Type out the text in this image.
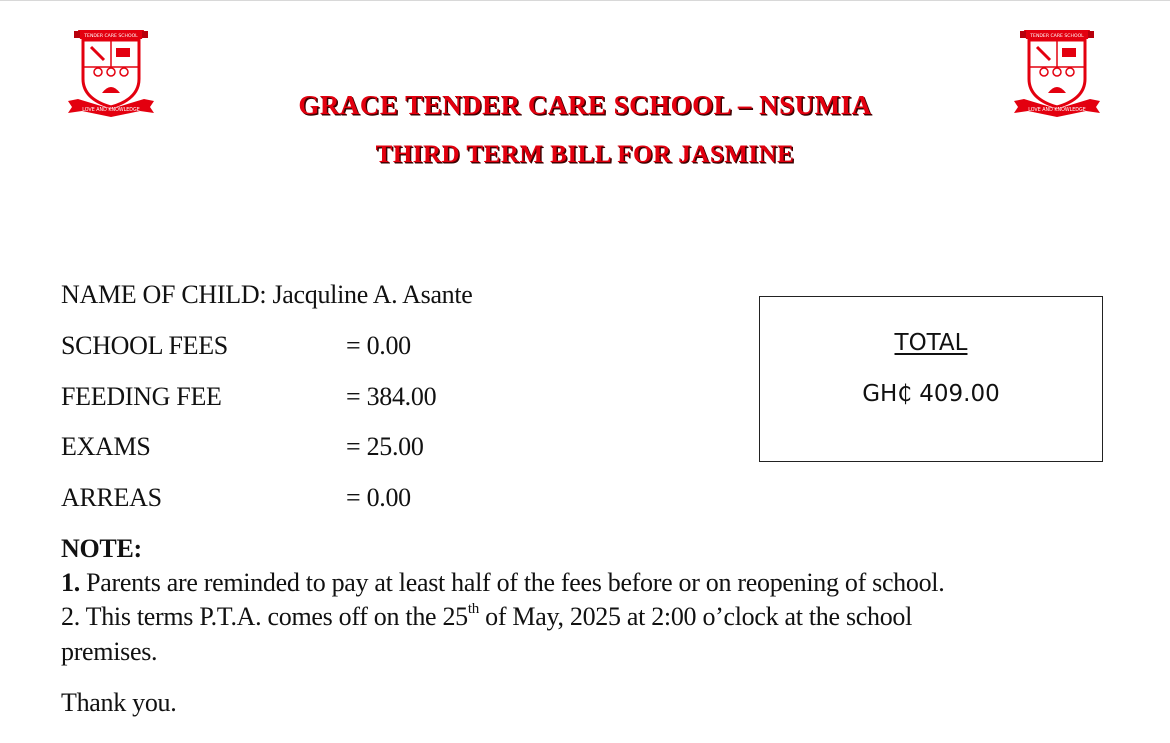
TENDER CARE SCHOOL
LOVE AND KNOWLEDGE
TENDER CARE SCHOOL
LOVE AND KNOWLEDGE
GRACE TENDER CARE SCHOOL – NSUMIA
THIRD TERM BILL FOR JASMINE
NAME OF CHILD: Jacquline A. Asante
SCHOOL FEES	= 0.00
FEEDING FEE	= 384.00
EXAMS	= 25.00
ARREAS	= 0.00
TOTAL
GH₵ 409.00
NOTE:
1. Parents are reminded to pay at least half of the fees before or on reopening of school.
2. This terms P.T.A. comes off on the 25th of May, 2025 at 2:00 o’clock at the school
premises.
Thank you.
